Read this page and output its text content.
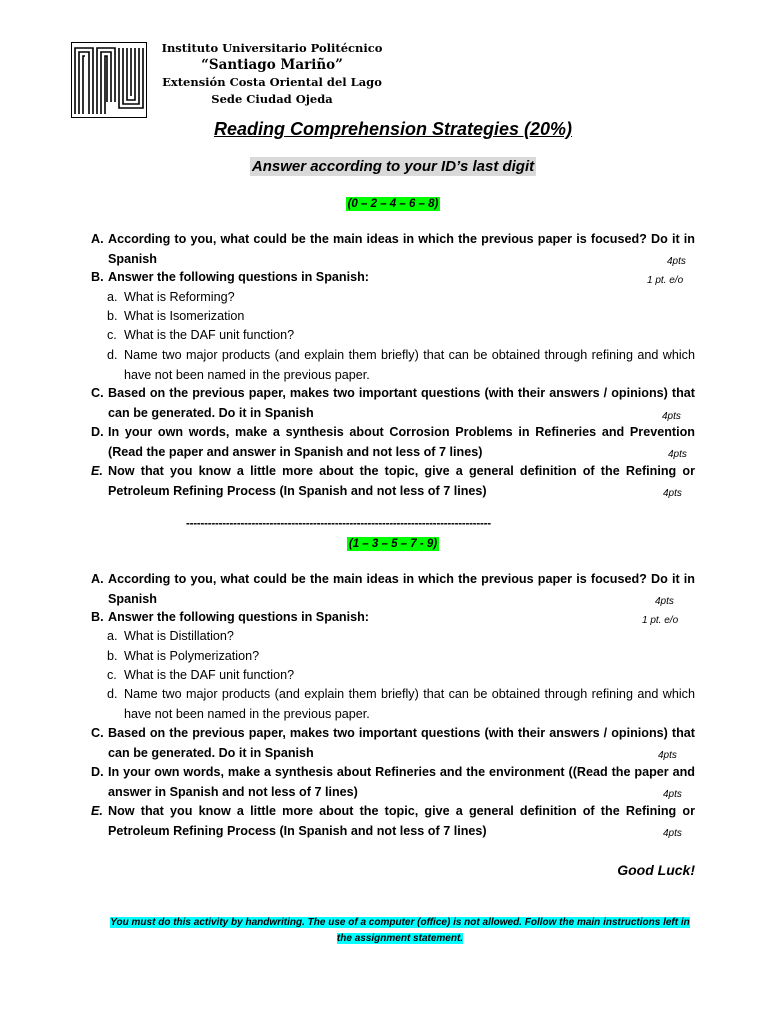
Instituto Universitario Politécnico
“Santiago Mariño”
Extensión Costa Oriental del Lago
Sede Ciudad Ojeda
Reading Comprehension Strategies (20%)
Answer according to your ID’s last digit
(0 – 2 – 4 – 6 – 8)
A. According to you, what could be the main ideas in which the previous paper is focused? Do it in Spanish	4pts
B. Answer the following questions in Spanish:	1 pt. e/o
a. What is Reforming?
b. What is Isomerization
c. What is the DAF unit function?
d. Name two major products (and explain them briefly) that can be obtained through refining and which have not been named in the previous paper.
C. Based on the previous paper, makes two important questions (with their answers / opinions) that can be generated. Do it in Spanish	4pts
D. In your own words, make a synthesis about Corrosion Problems in Refineries and Prevention (Read the paper and answer in Spanish and not less of 7 lines)	4pts
E. Now that you know a little more about the topic, give a general definition of the Refining or Petroleum Refining Process (In Spanish and not less of 7 lines)	4pts
------------------------------------------------------------------------------------
(1 – 3 – 5 – 7 - 9)
A. According to you, what could be the main ideas in which the previous paper is focused? Do it in Spanish	4pts
B. Answer the following questions in Spanish:	1 pt. e/o
a. What is Distillation?
b. What is Polymerization?
c. What is the DAF unit function?
d. Name two major products (and explain them briefly) that can be obtained through refining and which have not been named in the previous paper.
C. Based on the previous paper, makes two important questions (with their answers / opinions) that can be generated. Do it in Spanish	4pts
D. In your own words, make a synthesis about Refineries and the environment ((Read the paper and answer in Spanish and not less of 7 lines)	4pts
E. Now that you know a little more about the topic, give a general definition of the Refining or Petroleum Refining Process (In Spanish and not less of 7 lines)	4pts
Good Luck!
You must do this activity by handwriting. The use of a computer (office) is not allowed. Follow the main instructions left in the assignment statement.
